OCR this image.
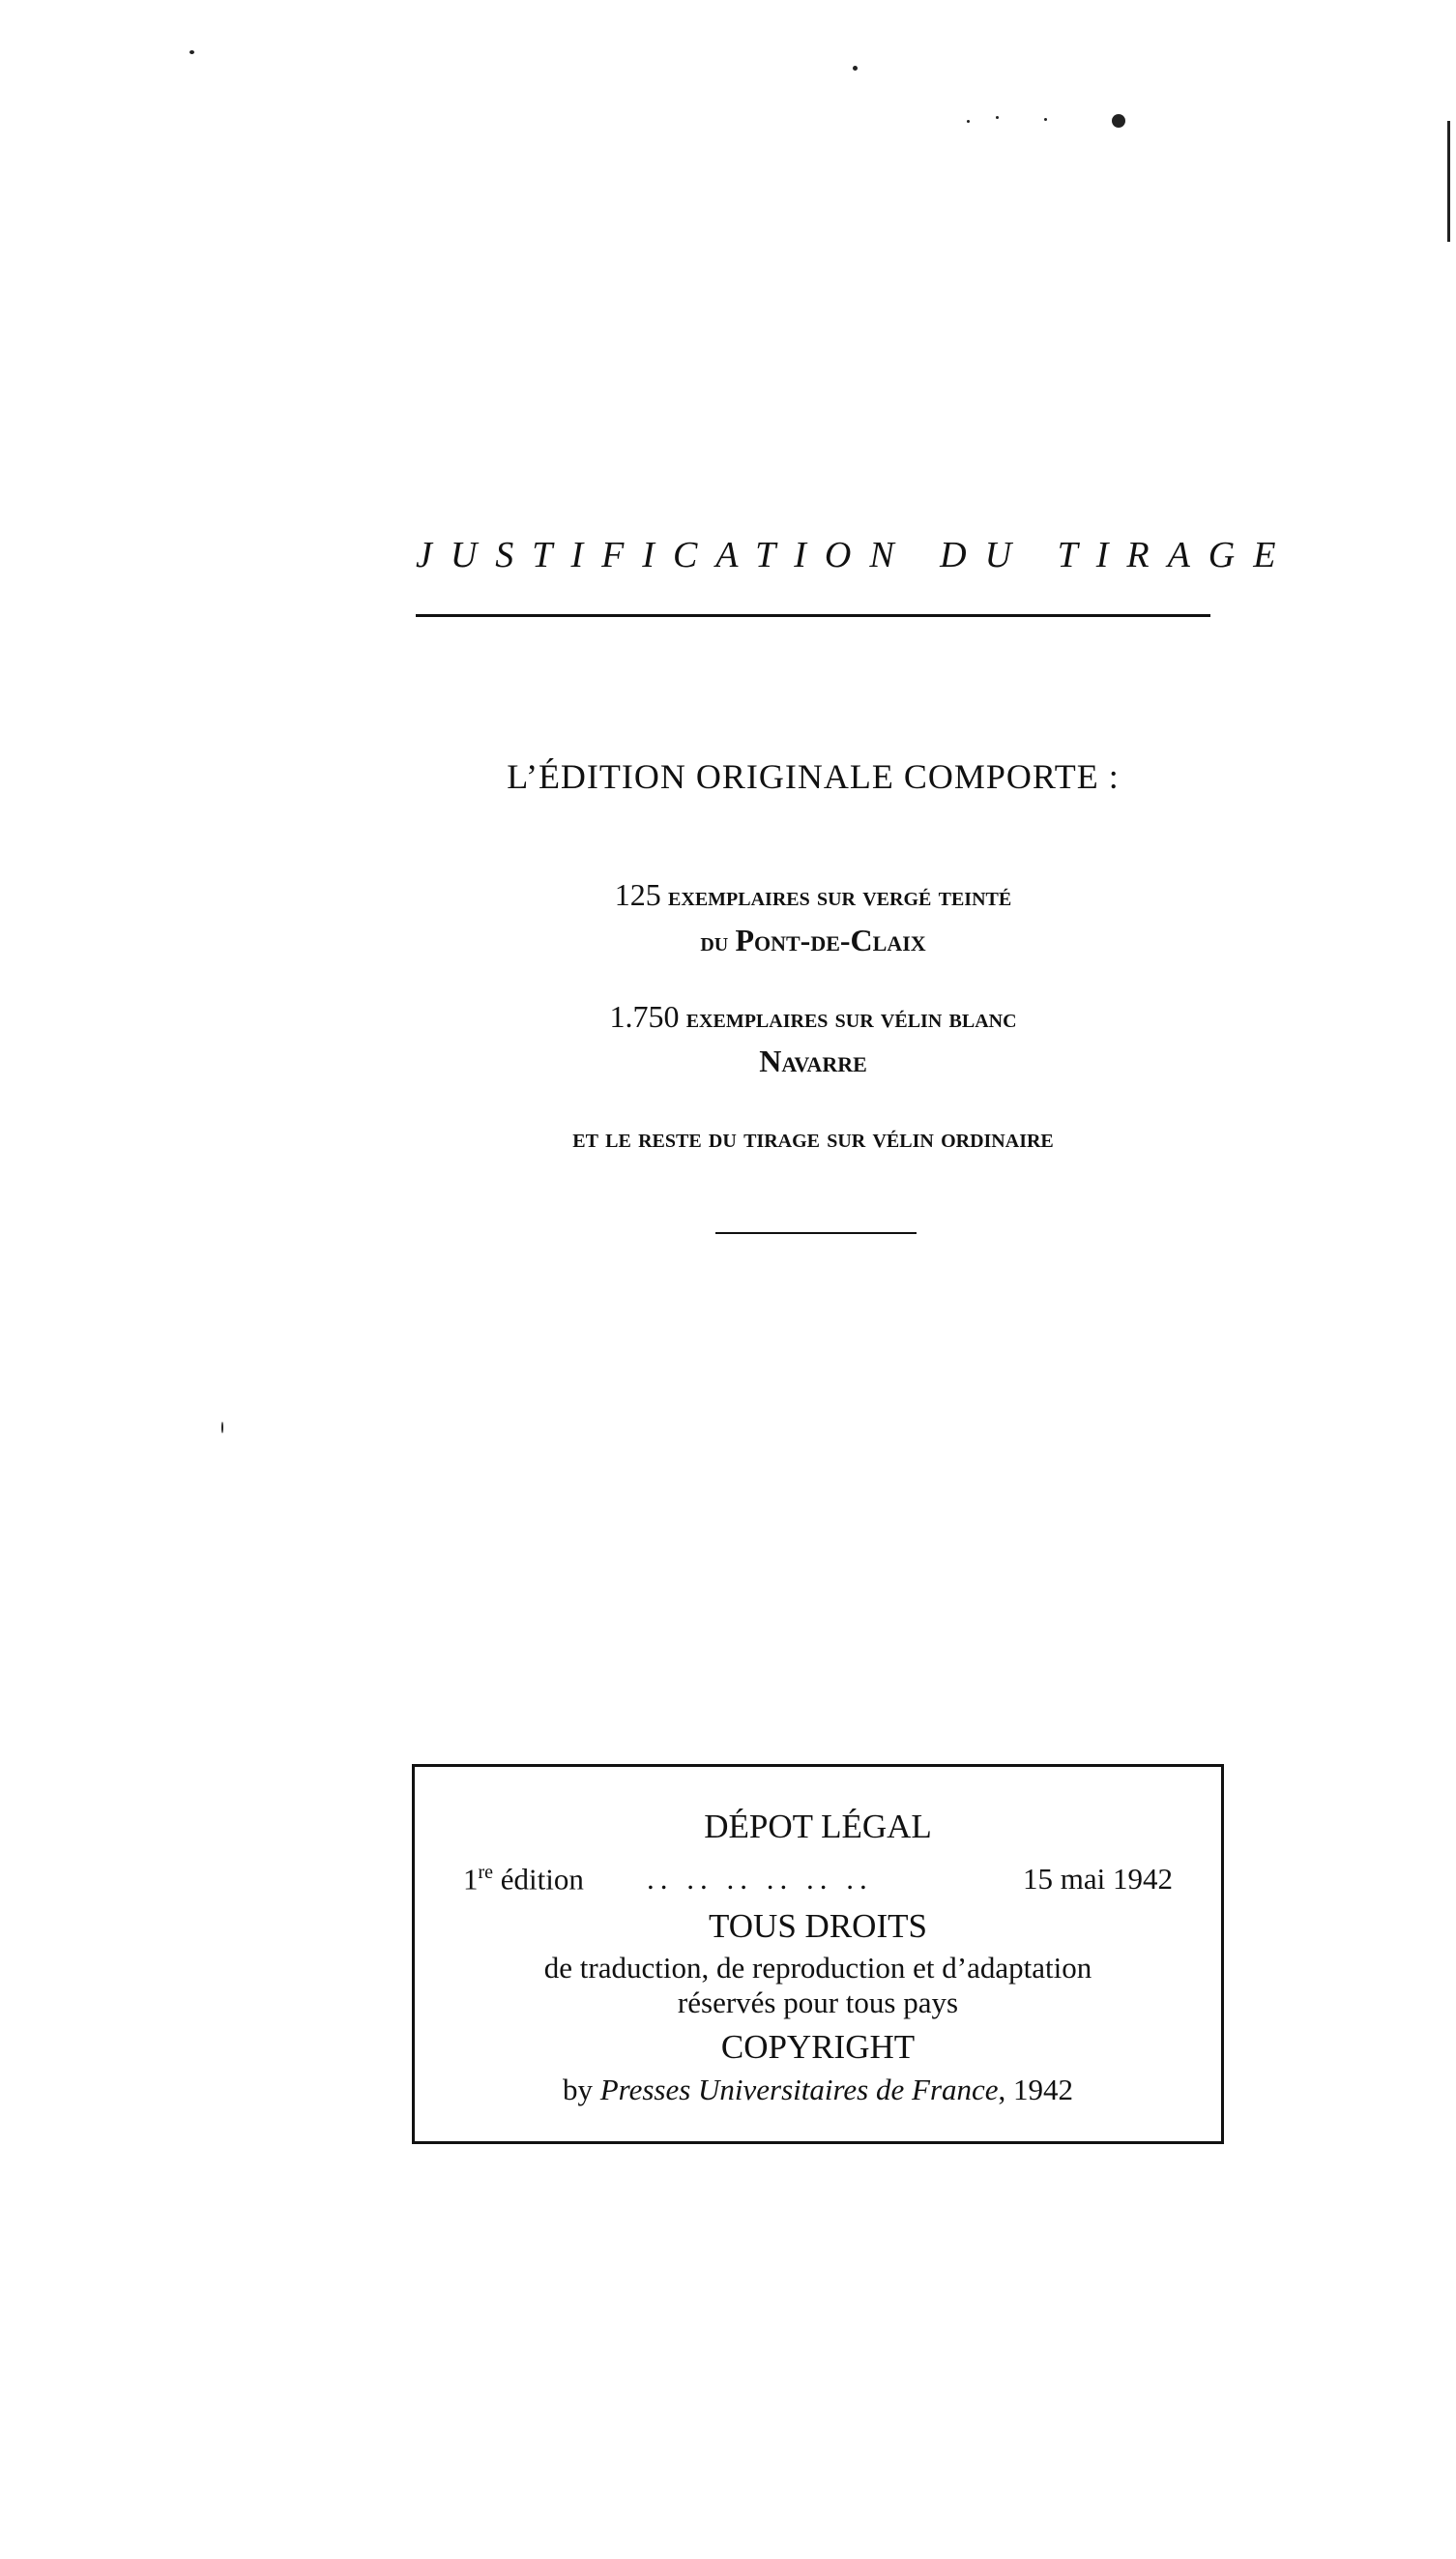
JUSTIFICATION DU TIRAGE
L’ÉDITION ORIGINALE COMPORTE :
125 exemplaires sur vergé teinté
du Pont-de-Claix
1.750 exemplaires sur vélin blanc
Navarre
et le reste du tirage sur vélin ordinaire
DÉPOT LÉGAL
1re édition .. .. .. .. .. ..	15 mai 1942
TOUS DROITS
de traduction, de reproduction et d’adaptation
réservés pour tous pays
COPYRIGHT
by Presses Universitaires de France, 1942
